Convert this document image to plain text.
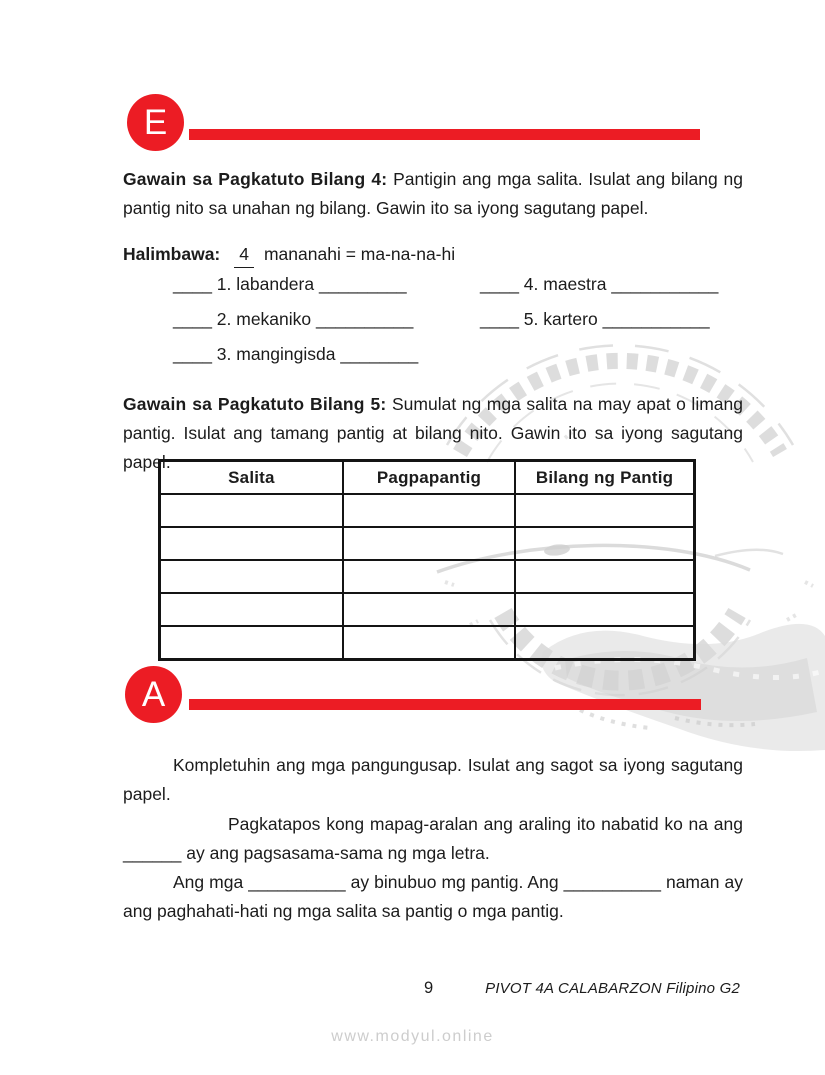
E

Gawain sa Pagkatuto Bilang 4: Pantigin ang mga salita. Isulat ang bilang ng pantig nito sa unahan ng bilang. Gawin ito sa iyong sagutang papel.

Halimbawa: 4 mananahi = ma-na-na-hi
____ 1. labandera _________
____ 2. mekaniko __________
____ 3. mangingisda ________
____ 4. maestra ___________
____ 5. kartero ___________

Gawain sa Pagkatuto Bilang 5: Sumulat ng mga salita na may apat o limang pantig. Isulat ang tamang pantig at bilang nito. Gawin ito sa iyong sagutang papel.

Salita	Pagpapantig	Bilang ng Pantig

A

Kompletuhin ang mga pangungusap. Isulat ang sagot sa iyong sagutang papel.

Pagkatapos kong mapag-aralan ang araling ito nabatid ko na ang ______ ay ang pagsasama-sama ng mga letra.

Ang mga __________ ay binubuo mg pantig. Ang __________ naman ay ang paghahati-hati ng mga salita sa pantig o mga pantig.

9	PIVOT 4A CALABARZON Filipino G2
www.modyul.online
